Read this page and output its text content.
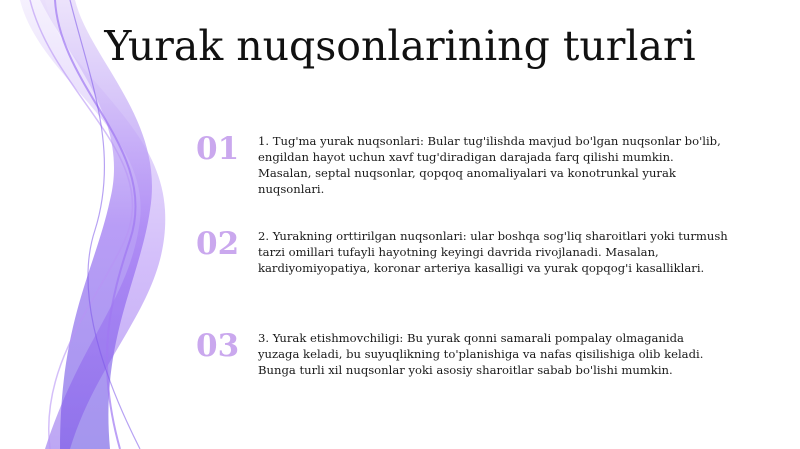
Yurak nuqsonlarining turlari
01	1. Tug'ma yurak nuqsonlari: Bular tug'ilishda mavjud bo'lgan nuqsonlar bo'lib, engildan hayot uchun xavf tug'diradigan darajada farq qilishi mumkin. Masalan, septal nuqsonlar, qopqoq anomaliyalari va konotrunkal yurak nuqsonlari.
02	2. Yurakning orttirilgan nuqsonlari: ular boshqa sog'liq sharoitlari yoki turmush tarzi omillari tufayli hayotning keyingi davrida rivojlanadi. Masalan, kardiyomiyopatiya, koronar arteriya kasalligi va yurak qopqog'i kasalliklari.
03	3. Yurak etishmovchiligi: Bu yurak qonni samarali pompalay olmaganida yuzaga keladi, bu suyuqlikning to'planishiga va nafas qisilishiga olib keladi. Bunga turli xil nuqsonlar yoki asosiy sharoitlar sabab bo'lishi mumkin.
